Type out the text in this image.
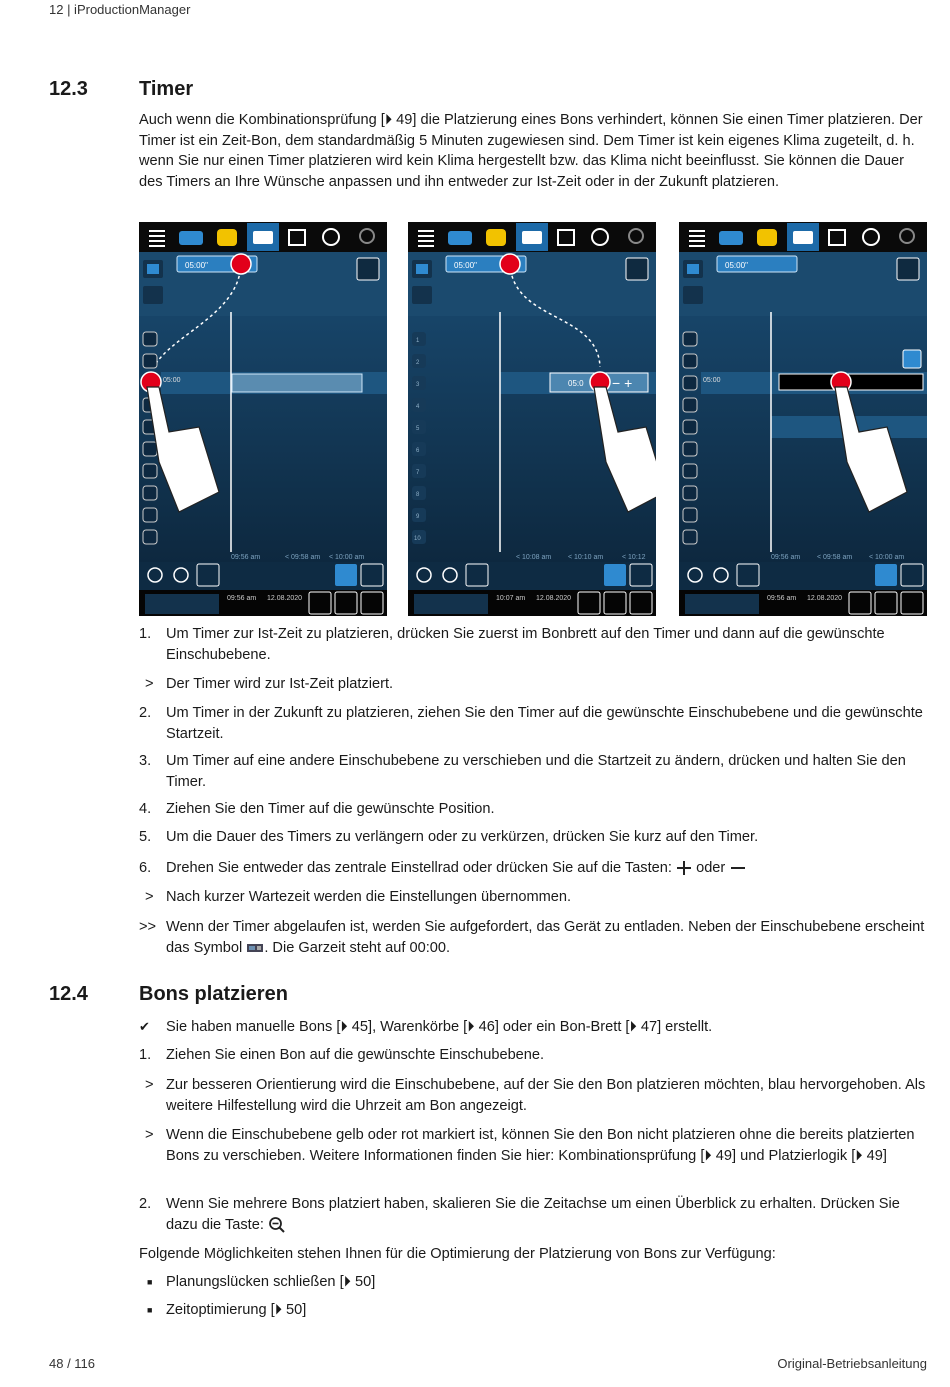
12 | iProductionManager
12.3	Timer
Auch wenn die Kombinationsprüfung [⏵ 49] die Platzierung eines Bons verhindert, können Sie einen Timer platzieren. Der Timer ist ein Zeit-Bon, dem standardmäßig 5 Minuten zugewiesen sind. Dem Timer ist kein eigenes Klima zugeteilt, d. h. wenn Sie nur einen Timer platzieren wird kein Klima hergestellt bzw. das Klima nicht beeinflusst. Sie können die Dauer des Timers an Ihre Wünsche anpassen und ihn entweder zur Ist-Zeit oder in der Zukunft platzieren.
05:00''
05:00
09:56 am	< 09:58 am < 10:00 am
09:56 am 12.08.2020
05:00''
1
2
3
4
5
6
7
8
9
10
05:0 − +
< 10:08 am < 10:10 am	< 10:12
10:07 am 12.08.2020
05:00''
05:00
09:56 am < 09:58 am < 10:00 am
09:56 am 12.08.2020
1.	Um Timer zur Ist-Zeit zu platzieren, drücken Sie zuerst im Bonbrett auf den Timer und dann auf die gewünschte Einschubebene.
> Der Timer wird zur Ist-Zeit platziert.
2.	Um Timer in der Zukunft zu platzieren, ziehen Sie den Timer auf die gewünschte Einschubebene und die gewünschte Startzeit.
3.	Um Timer auf eine andere Einschubebene zu verschieben und die Startzeit zu ändern, drücken und halten Sie den Timer.
4.	Ziehen Sie den Timer auf die gewünschte Position.
5.	Um die Dauer des Timers zu verlängern oder zu verkürzen, drücken Sie kurz auf den Timer.
6.	Drehen Sie entweder das zentrale Einstellrad oder drücken Sie auf die Tasten: oder
> Nach kurzer Wartezeit werden die Einstellungen übernommen.
>> Wenn der Timer abgelaufen ist, werden Sie aufgefordert, das Gerät zu entladen. Neben der Einschubebene erscheint das Symbol . Die Garzeit steht auf 00:00.
12.4	Bons platzieren
✔	Sie haben manuelle Bons [⏵ 45], Warenkörbe [⏵ 46] oder ein Bon-Brett [⏵ 47] erstellt.
1.	Ziehen Sie einen Bon auf die gewünschte Einschubebene.
> Zur besseren Orientierung wird die Einschubebene, auf der Sie den Bon platzieren möchten, blau hervorgehoben. Als weitere Hilfestellung wird die Uhrzeit am Bon angezeigt.
> Wenn die Einschubebene gelb oder rot markiert ist, können Sie den Bon nicht platzieren ohne die bereits platzierten Bons zu verschieben. Weitere Informationen finden Sie hier: Kombinationsprüfung [⏵ 49] und Platzierlogik [⏵ 49]
2.	Wenn Sie mehrere Bons platziert haben, skalieren Sie die Zeitachse um einen Überblick zu erhalten. Drücken Sie dazu die Taste:
Folgende Möglichkeiten stehen Ihnen für die Optimierung der Platzierung von Bons zur Verfügung:
■ Planungslücken schließen [⏵ 50]
■ Zeitoptimierung [⏵ 50]
48 / 116	Original-Betriebsanleitung
